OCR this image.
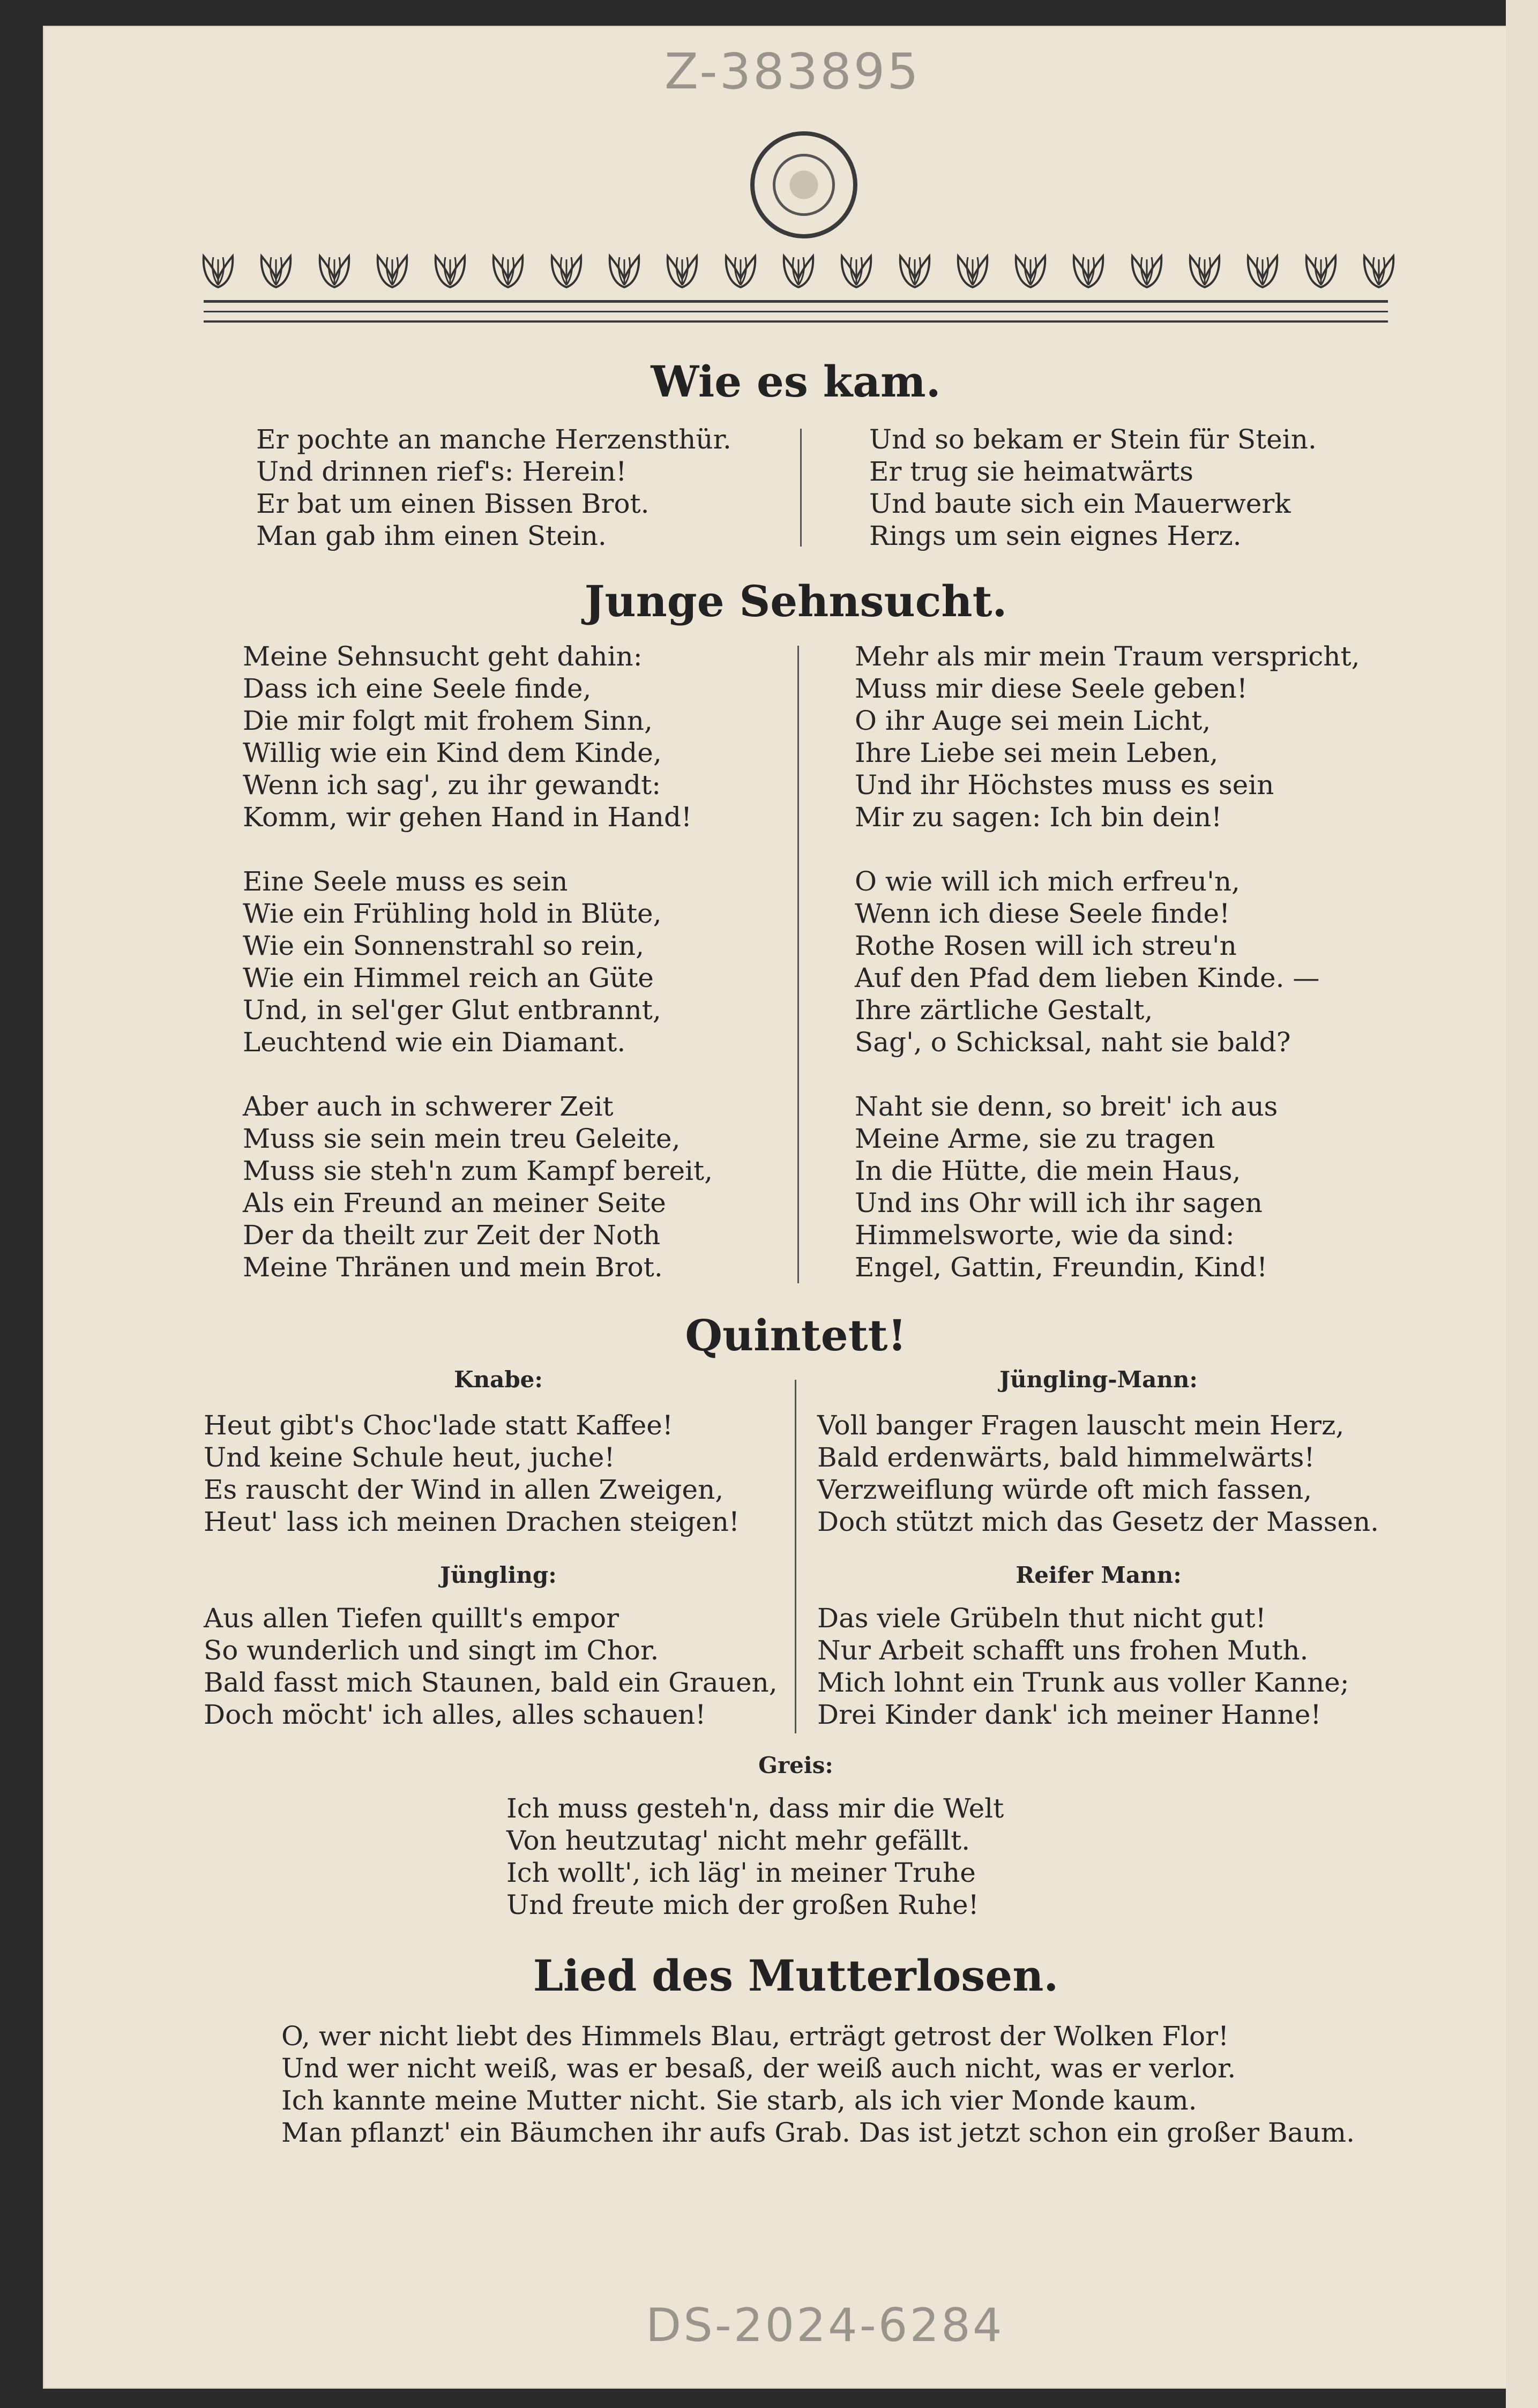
Z-383895
Wie es kam.
Er pochte an manche Herzensthür.
Und drinnen rief's: Herein!
Er bat um einen Bissen Brot.
Man gab ihm einen Stein.
Und so bekam er Stein für Stein.
Er trug sie heimatwärts
Und baute sich ein Mauerwerk
Rings um sein eignes Herz.
Junge Sehnsucht.
Meine Sehnsucht geht dahin:
Dass ich eine Seele finde,
Die mir folgt mit frohem Sinn,
Willig wie ein Kind dem Kinde,
Wenn ich sag', zu ihr gewandt:
Komm, wir gehen Hand in Hand!
Eine Seele muss es sein
Wie ein Frühling hold in Blüte,
Wie ein Sonnenstrahl so rein,
Wie ein Himmel reich an Güte
Und, in sel'ger Glut entbrannt,
Leuchtend wie ein Diamant.
Aber auch in schwerer Zeit
Muss sie sein mein treu Geleite,
Muss sie steh'n zum Kampf bereit,
Als ein Freund an meiner Seite
Der da theilt zur Zeit der Noth
Meine Thränen und mein Brot.
Mehr als mir mein Traum verspricht,
Muss mir diese Seele geben!
O ihr Auge sei mein Licht,
Ihre Liebe sei mein Leben,
Und ihr Höchstes muss es sein
Mir zu sagen: Ich bin dein!
O wie will ich mich erfreu'n,
Wenn ich diese Seele finde!
Rothe Rosen will ich streu'n
Auf den Pfad dem lieben Kinde. —
Ihre zärtliche Gestalt,
Sag', o Schicksal, naht sie bald?
Naht sie denn, so breit' ich aus
Meine Arme, sie zu tragen
In die Hütte, die mein Haus,
Und ins Ohr will ich ihr sagen
Himmelsworte, wie da sind:
Engel, Gattin, Freundin, Kind!
Quintett!
Knabe:
Heut gibt's Choc'lade statt Kaffee!
Und keine Schule heut, juche!
Es rauscht der Wind in allen Zweigen,
Heut' lass ich meinen Drachen steigen!
Jüngling-Mann:
Voll banger Fragen lauscht mein Herz,
Bald erdenwärts, bald himmelwärts!
Verzweiflung würde oft mich fassen,
Doch stützt mich das Gesetz der Massen.
Jüngling:
Aus allen Tiefen quillt's empor
So wunderlich und singt im Chor.
Bald fasst mich Staunen, bald ein Grauen,
Doch möcht' ich alles, alles schauen!
Reifer Mann:
Das viele Grübeln thut nicht gut!
Nur Arbeit schafft uns frohen Muth.
Mich lohnt ein Trunk aus voller Kanne;
Drei Kinder dank' ich meiner Hanne!
Greis:
Ich muss gesteh'n, dass mir die Welt
Von heutzutag' nicht mehr gefällt.
Ich wollt', ich läg' in meiner Truhe
Und freute mich der großen Ruhe!
Lied des Mutterlosen.
O, wer nicht liebt des Himmels Blau, erträgt getrost der Wolken Flor!
Und wer nicht weiß, was er besaß, der weiß auch nicht, was er verlor.
Ich kannte meine Mutter nicht. Sie starb, als ich vier Monde kaum.
Man pflanzt' ein Bäumchen ihr aufs Grab. Das ist jetzt schon ein großer Baum.
DS-2024-6284
